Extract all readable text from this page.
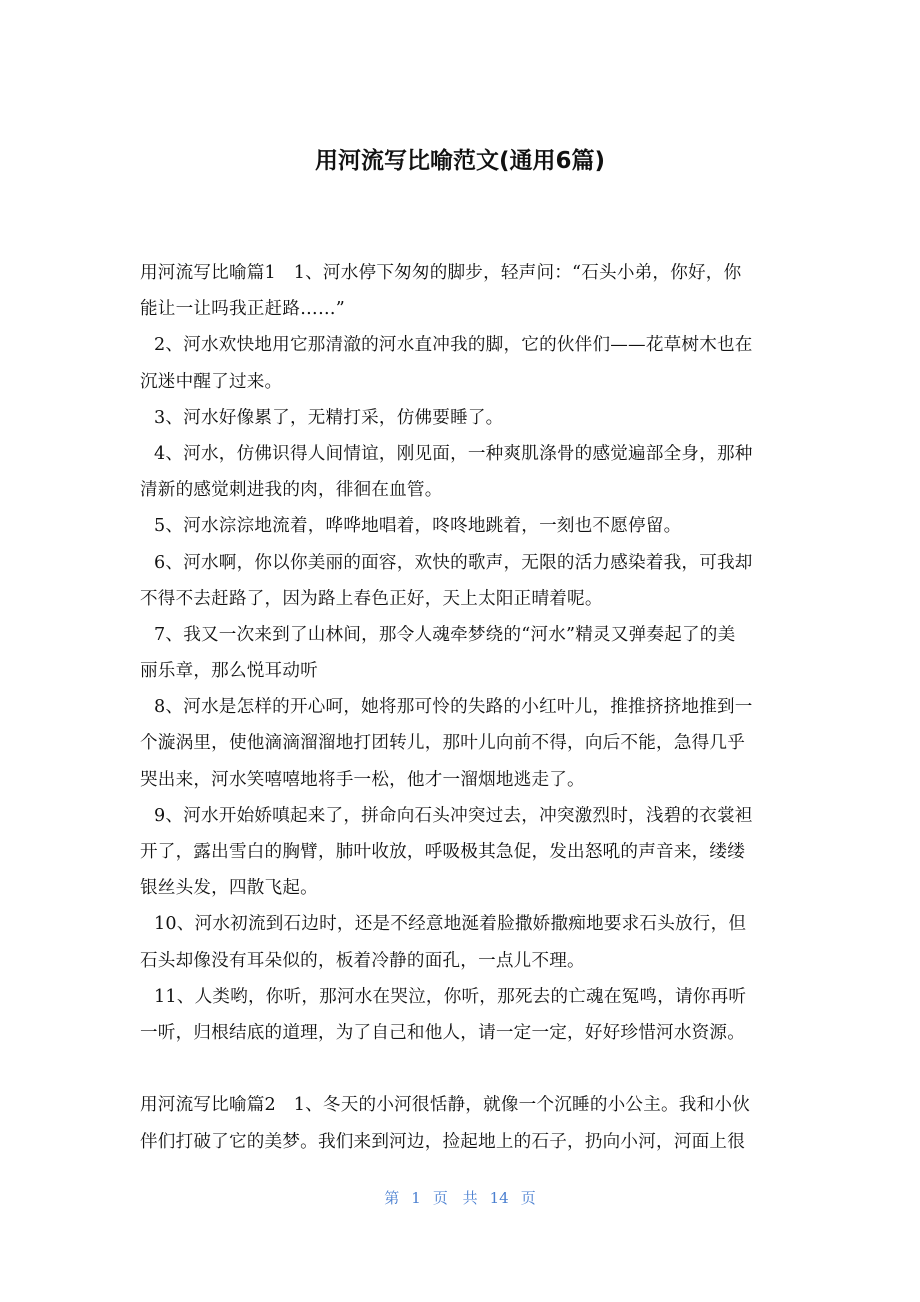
用河流写比喻范文(通用6篇)
用河流写比喻篇1　1、河水停下匆匆的脚步，轻声问：“石头小弟，你好，你
能让一让吗我正赶路……”
2、河水欢快地用它那清澈的河水直冲我的脚，它的伙伴们——花草树木也在
沉迷中醒了过来。
3、河水好像累了，无精打采，仿佛要睡了。
4、河水，仿佛识得人间情谊，刚见面，一种爽肌涤骨的感觉遍部全身，那种
清新的感觉刺进我的肉，徘徊在血管。
5、河水淙淙地流着，哗哗地唱着，咚咚地跳着，一刻也不愿停留。
6、河水啊，你以你美丽的面容，欢快的歌声，无限的活力感染着我，可我却
不得不去赶路了，因为路上春色正好，天上太阳正晴着呢。
7、我又一次来到了山林间，那令人魂牵梦绕的“河水”精灵又弹奏起了的美
丽乐章，那么悦耳动听
8、河水是怎样的开心呵，她将那可怜的失路的小红叶儿，推推挤挤地推到一
个漩涡里，使他滴滴溜溜地打团转儿，那叶儿向前不得，向后不能，急得几乎
哭出来，河水笑嘻嘻地将手一松，他才一溜烟地逃走了。
9、河水开始娇嗔起来了，拼命向石头冲突过去，冲突激烈时，浅碧的衣裳袒
开了，露出雪白的胸臂，肺叶收放，呼吸极其急促，发出怒吼的声音来，缕缕
银丝头发，四散飞起。
10、河水初流到石边时，还是不经意地涎着脸撒娇撒痴地要求石头放行，但
石头却像没有耳朵似的，板着冷静的面孔，一点儿不理。
11、人类哟，你听，那河水在哭泣，你听，那死去的亡魂在冤鸣，请你再听
一听，归根结底的道理，为了自己和他人，请一定一定，好好珍惜河水资源。
用河流写比喻篇2　1、冬天的小河很恬静，就像一个沉睡的小公主。我和小伙
伴们打破了它的美梦。我们来到河边，捡起地上的石子，扔向小河，河面上很
第 1 页 共 14 页
